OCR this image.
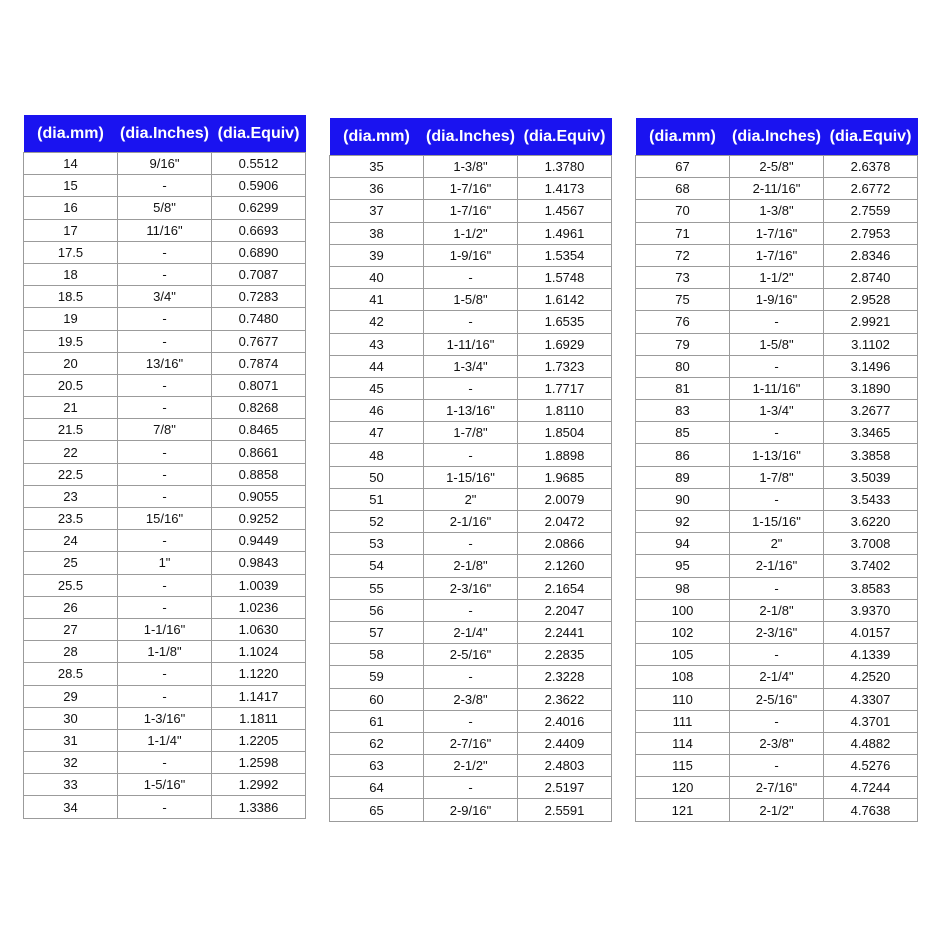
(dia.mm)	(dia.Inches)	(dia.Equiv)
14	9/16"	0.5512
15	-	0.5906
16	5/8"	0.6299
17	11/16"	0.6693
17.5	-	0.6890
18	-	0.7087
18.5	3/4"	0.7283
19	-	0.7480
19.5	-	0.7677
20	13/16"	0.7874
20.5	-	0.8071
21	-	0.8268
21.5	7/8"	0.8465
22	-	0.8661
22.5	-	0.8858
23	-	0.9055
23.5	15/16"	0.9252
24	-	0.9449
25	1"	0.9843
25.5	-	1.0039
26	-	1.0236
27	1-1/16"	1.0630
28	1-1/8"	1.1024
28.5	-	1.1220
29	-	1.1417
30	1-3/16"	1.1811
31	1-1/4"	1.2205
32	-	1.2598
33	1-5/16"	1.2992
34	-	1.3386
(dia.mm)	(dia.Inches)	(dia.Equiv)
35	1-3/8"	1.3780
36	1-7/16"	1.4173
37	1-7/16"	1.4567
38	1-1/2"	1.4961
39	1-9/16"	1.5354
40	-	1.5748
41	1-5/8"	1.6142
42	-	1.6535
43	1-11/16"	1.6929
44	1-3/4"	1.7323
45	-	1.7717
46	1-13/16"	1.8110
47	1-7/8"	1.8504
48	-	1.8898
50	1-15/16"	1.9685
51	2"	2.0079
52	2-1/16"	2.0472
53	-	2.0866
54	2-1/8"	2.1260
55	2-3/16"	2.1654
56	-	2.2047
57	2-1/4"	2.2441
58	2-5/16"	2.2835
59	-	2.3228
60	2-3/8"	2.3622
61	-	2.4016
62	2-7/16"	2.4409
63	2-1/2"	2.4803
64	-	2.5197
65	2-9/16"	2.5591
(dia.mm)	(dia.Inches)	(dia.Equiv)
67	2-5/8"	2.6378
68	2-11/16"	2.6772
70	1-3/8"	2.7559
71	1-7/16"	2.7953
72	1-7/16"	2.8346
73	1-1/2"	2.8740
75	1-9/16"	2.9528
76	-	2.9921
79	1-5/8"	3.1102
80	-	3.1496
81	1-11/16"	3.1890
83	1-3/4"	3.2677
85	-	3.3465
86	1-13/16"	3.3858
89	1-7/8"	3.5039
90	-	3.5433
92	1-15/16"	3.6220
94	2"	3.7008
95	2-1/16"	3.7402
98	-	3.8583
100	2-1/8"	3.9370
102	2-3/16"	4.0157
105	-	4.1339
108	2-1/4"	4.2520
110	2-5/16"	4.3307
111	-	4.3701
114	2-3/8"	4.4882
115	-	4.5276
120	2-7/16"	4.7244
121	2-1/2"	4.7638
